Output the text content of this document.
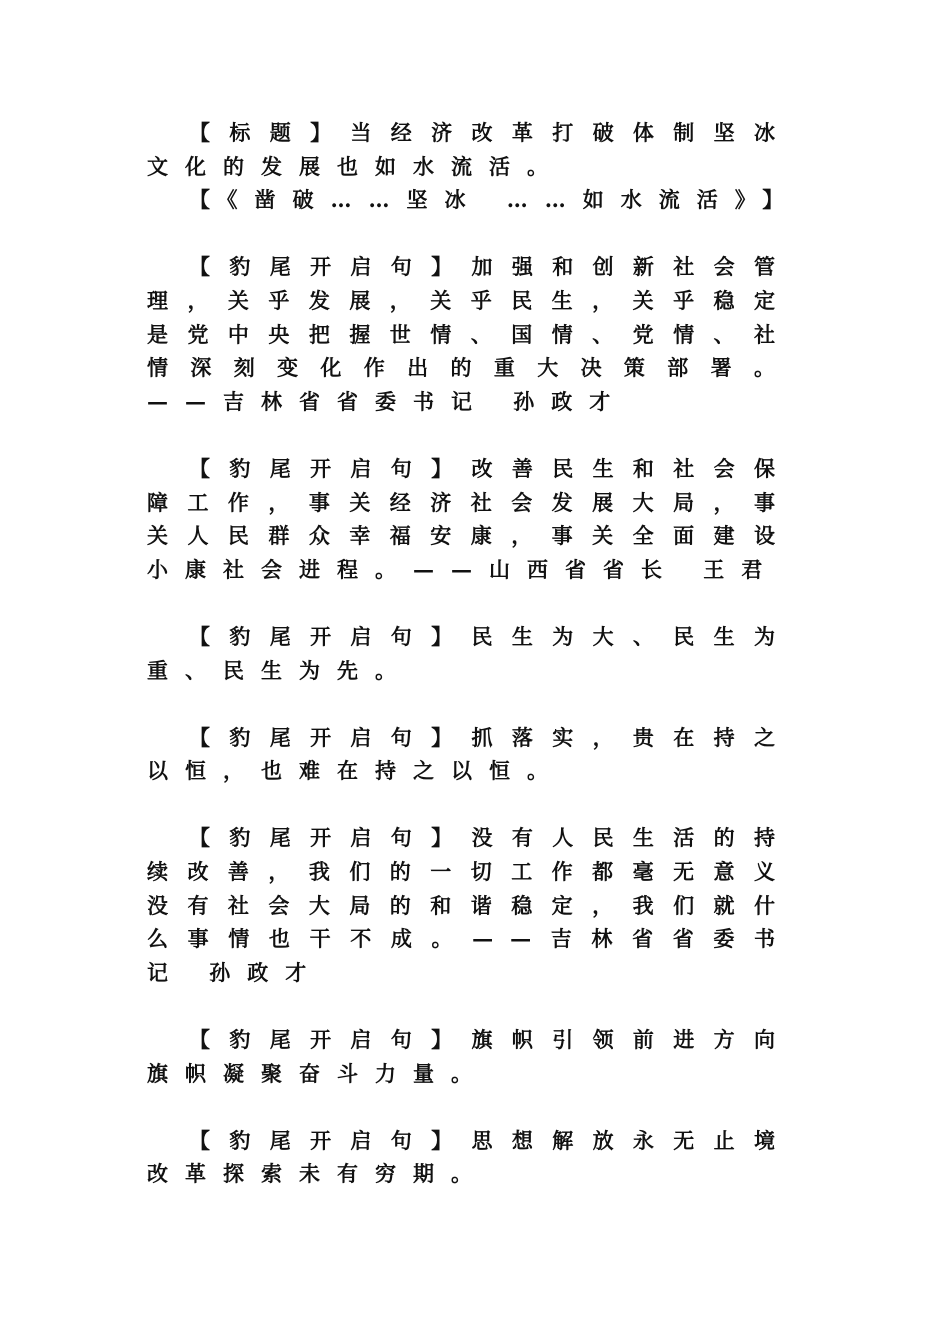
【标题】当经济改革打破体制坚冰文化的发展也如水流活。

【《凿破……坚冰 ……如水流活》】

【豹尾开启句】加强和创新社会管理，关乎发展，关乎民生，关乎稳定是党中央把握世情、国情、党情、社情深刻变化作出的重大决策部署。——吉林省省委书记 孙政才

【豹尾开启句】改善民生和社会保障工作，事关经济社会发展大局，事关人民群众幸福安康，事关全面建设小康社会进程。——山西省省长 王君

【豹尾开启句】民生为大、民生为重、民生为先。

【豹尾开启句】抓落实，贵在持之以恒，也难在持之以恒。

【豹尾开启句】没有人民生活的持续改善，我们的一切工作都毫无意义没有社会大局的和谐稳定，我们就什么事情也干不成。——吉林省省委书记 孙政才

【豹尾开启句】旗帜引领前进方向旗帜凝聚奋斗力量。

【豹尾开启句】思想解放永无止境改革探索未有穷期。
